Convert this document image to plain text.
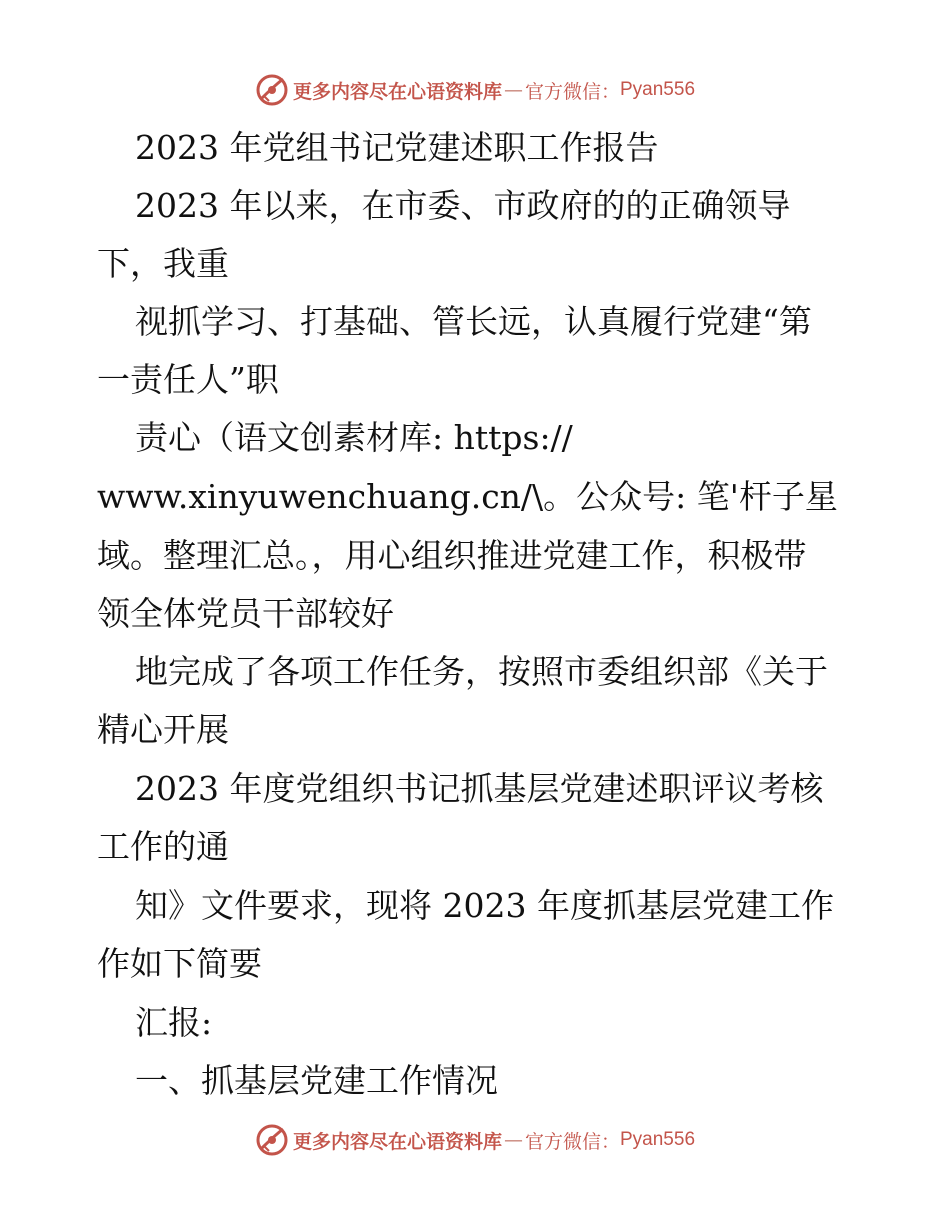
更多内容尽在心语资料库 — 官方微信： Pyan556
2023 年党组书记党建述职工作报告
2023 年以来，在市委、市政府的的正确领导
下，我重
视抓学习、打基础、管长远，认真履行党建“第
一责任人”职
责心（语文创素材库: https://
www.xinyuwenchuang.cn/\。公众号: 笔'杆子星
域。整理汇总。，用心组织推进党建工作，积极带
领全体党员干部较好
地完成了各项工作任务，按照市委组织部《关于
精心开展
2023 年度党组织书记抓基层党建述职评议考核
工作的通
知》文件要求，现将 2023 年度抓基层党建工作
作如下简要
汇报:
一、抓基层党建工作情况
更多内容尽在心语资料库 — 官方微信： Pyan556
